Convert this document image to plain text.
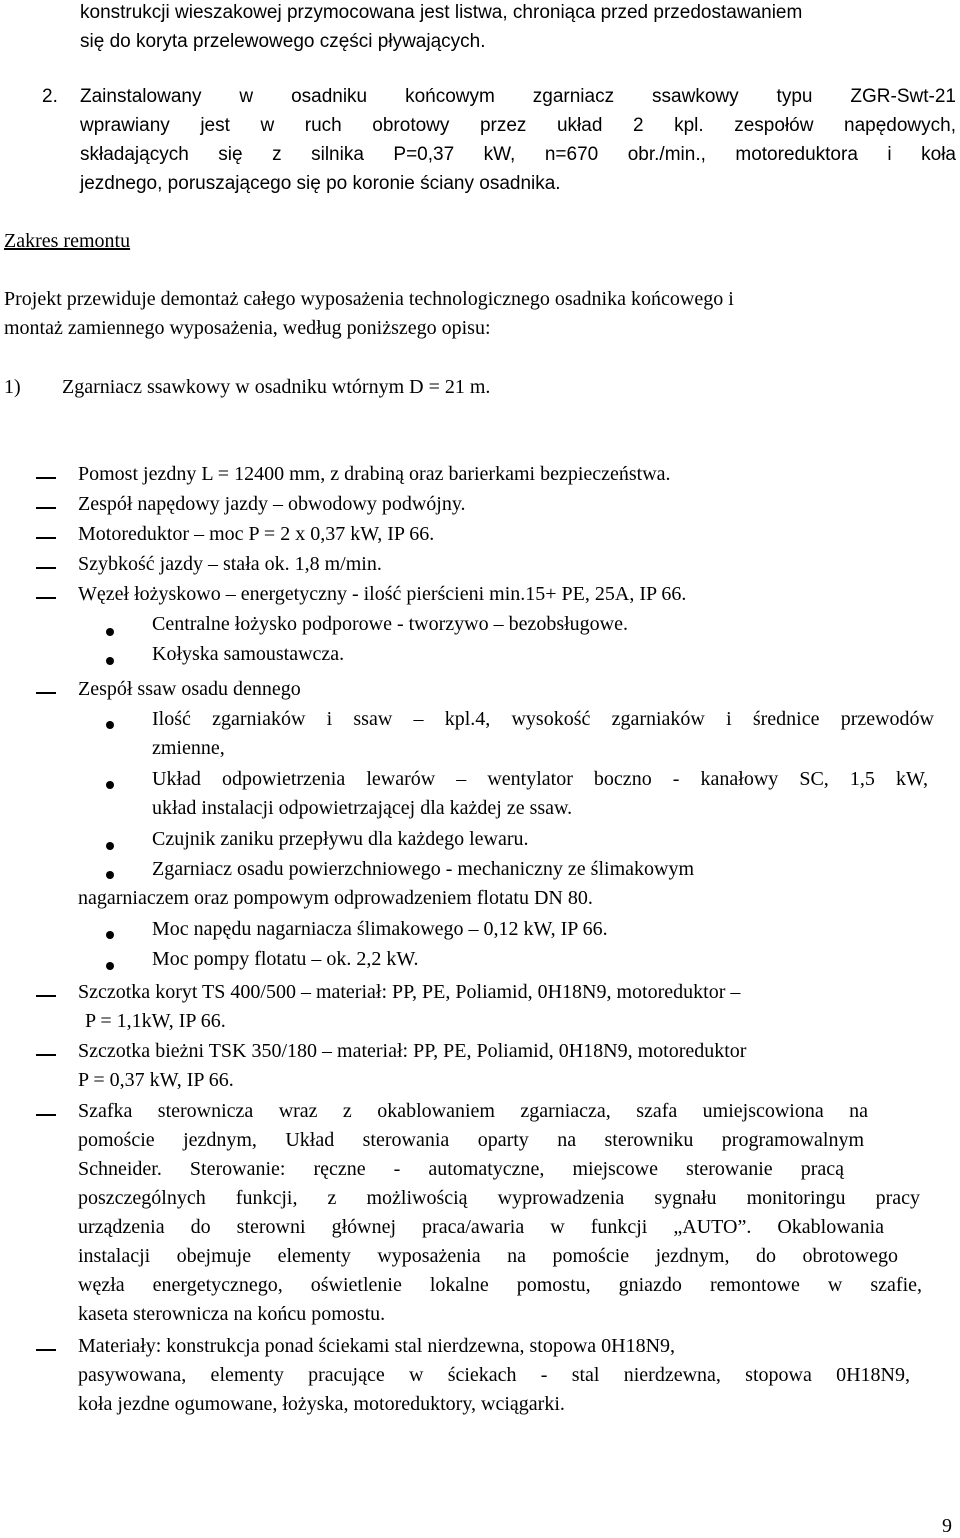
konstrukcji wieszakowej przymocowana jest listwa, chroniąca przed przedostawaniem
się do koryta przelewowego części pływających.
2. Zainstalowany w osadniku końcowym zgarniacz ssawkowy typu ZGR-Swt-21
wprawiany jest w ruch obrotowy przez układ 2 kpl. zespołów napędowych,
składających się z silnika P=0,37 kW, n=670 obr./min., motoreduktora i koła
jezdnego, poruszającego się po koronie ściany osadnika.
Zakres remontu
Projekt przewiduje demontaż całego wyposażenia technologicznego osadnika końcowego i
montaż zamiennego wyposażenia, według poniższego opisu:
1) Zgarniacz ssawkowy w osadniku wtórnym D = 21 m.
Pomost jezdny L = 12400 mm, z drabiną oraz barierkami bezpieczeństwa.
Zespół napędowy jazdy – obwodowy podwójny.
Motoreduktor – moc P = 2 x 0,37 kW, IP 66.
Szybkość jazdy – stała ok. 1,8 m/min.
Węzeł łożyskowo – energetyczny - ilość pierścieni min.15+ PE, 25A, IP 66.
Centralne łożysko podporowe - tworzywo – bezobsługowe.
Kołyska samoustawcza.
Zespół ssaw osadu dennego
Ilość zgarniaków i ssaw – kpl.4, wysokość zgarniaków i średnice przewodów
zmienne,
Układ odpowietrzenia lewarów – wentylator boczno - kanałowy SC, 1,5 kW,
układ instalacji odpowietrzającej dla każdej ze ssaw.
Czujnik zaniku przepływu dla każdego lewaru.
Zgarniacz osadu powierzchniowego - mechaniczny ze ślimakowym
nagarniaczem oraz pompowym odprowadzeniem flotatu DN 80.
Moc napędu nagarniacza ślimakowego – 0,12 kW, IP 66.
Moc pompy flotatu – ok. 2,2 kW.
Szczotka koryt TS 400/500 – materiał: PP, PE, Poliamid, 0H18N9, motoreduktor –
P = 1,1kW, IP 66.
Szczotka bieżni TSK 350/180 – materiał: PP, PE, Poliamid, 0H18N9, motoreduktor
P = 0,37 kW, IP 66.
Szafka sterownicza wraz z okablowaniem zgarniacza, szafa umiejscowiona na
pomoście jezdnym, Układ sterowania oparty na sterowniku programowalnym
Schneider. Sterowanie: ręczne - automatyczne, miejscowe sterowanie pracą
poszczególnych funkcji, z możliwością wyprowadzenia sygnału monitoringu pracy
urządzenia do sterowni głównej praca/awaria w funkcji „AUTO”. Okablowania
instalacji obejmuje elementy wyposażenia na pomoście jezdnym, do obrotowego
węzła energetycznego, oświetlenie lokalne pomostu, gniazdo remontowe w szafie,
kaseta sterownicza na końcu pomostu.
Materiały: konstrukcja ponad ściekami stal nierdzewna, stopowa 0H18N9,
pasywowana, elementy pracujące w ściekach - stal nierdzewna, stopowa 0H18N9,
koła jezdne ogumowane, łożyska, motoreduktory, wciągarki.
9
